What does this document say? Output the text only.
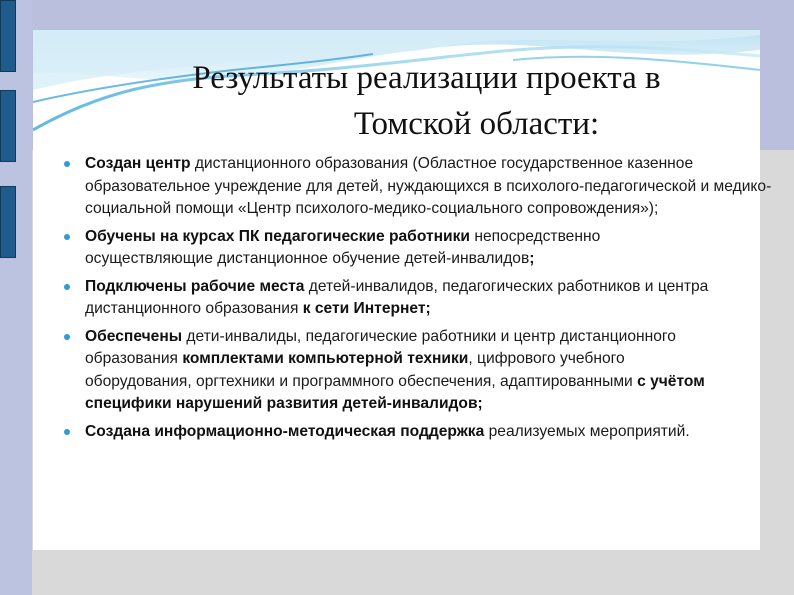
Результаты реализации проекта в
Томской области:
Создан центр дистанционного образования (Областное государственное казенное образовательное учреждение для детей, нуждающихся в психолого-педагогической и медико-социальной помощи «Центр психолого-медико-социального сопровождения»);
Обучены на курсах ПК педагогические работники непосредственно осуществляющие дистанционное обучение детей-инвалидов;
Подключены рабочие места детей-инвалидов, педагогических работников и центра дистанционного образования к сети Интернет;
Обеспечены дети-инвалиды, педагогические работники и центр дистанционного образования комплектами компьютерной техники, цифрового учебного оборудования, оргтехники и программного обеспечения, адаптированными с учётом специфики нарушений развития детей-инвалидов;
Создана информационно-методическая поддержка реализуемых мероприятий.
